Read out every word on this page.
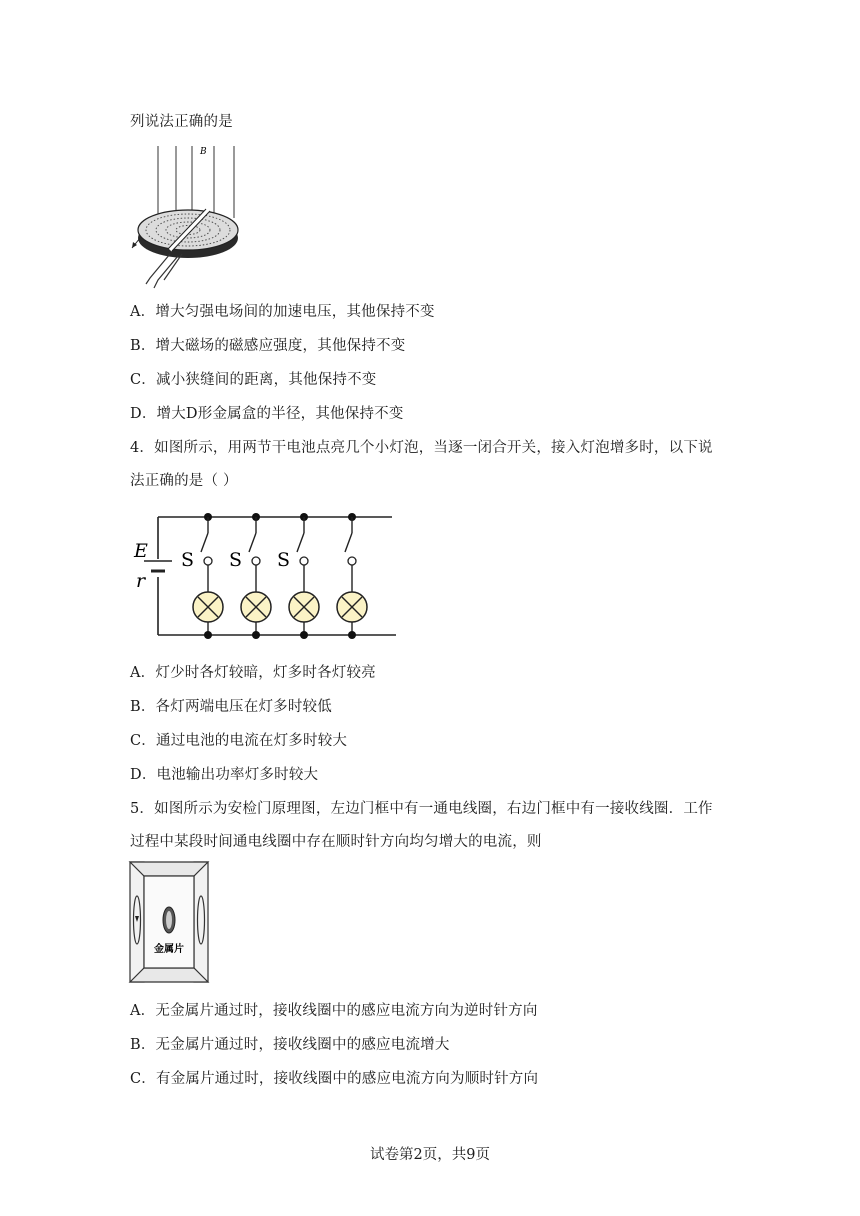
列说法正确的是
B
A．增大匀强电场间的加速电压，其他保持不变
B．增大磁场的磁感应强度，其他保持不变
C．减小狭缝间的距离，其他保持不变
D．增大D形金属盒的半径，其他保持不变
4．如图所示，用两节干电池点亮几个小灯泡，当逐一闭合开关，接入灯泡增多时，以下说
法正确的是（ ）
E
r
S S S
A．灯少时各灯较暗，灯多时各灯较亮
B．各灯两端电压在灯多时较低
C．通过电池的电流在灯多时较大
D．电池输出功率灯多时较大
5．如图所示为安检门原理图，左边门框中有一通电线圈，右边门框中有一接收线圈．工作
过程中某段时间通电线圈中存在顺时针方向均匀增大的电流，则
金属片
A．无金属片通过时，接收线圈中的感应电流方向为逆时针方向
B．无金属片通过时，接收线圈中的感应电流增大
C．有金属片通过时，接收线圈中的感应电流方向为顺时针方向
试卷第2页，共9页
